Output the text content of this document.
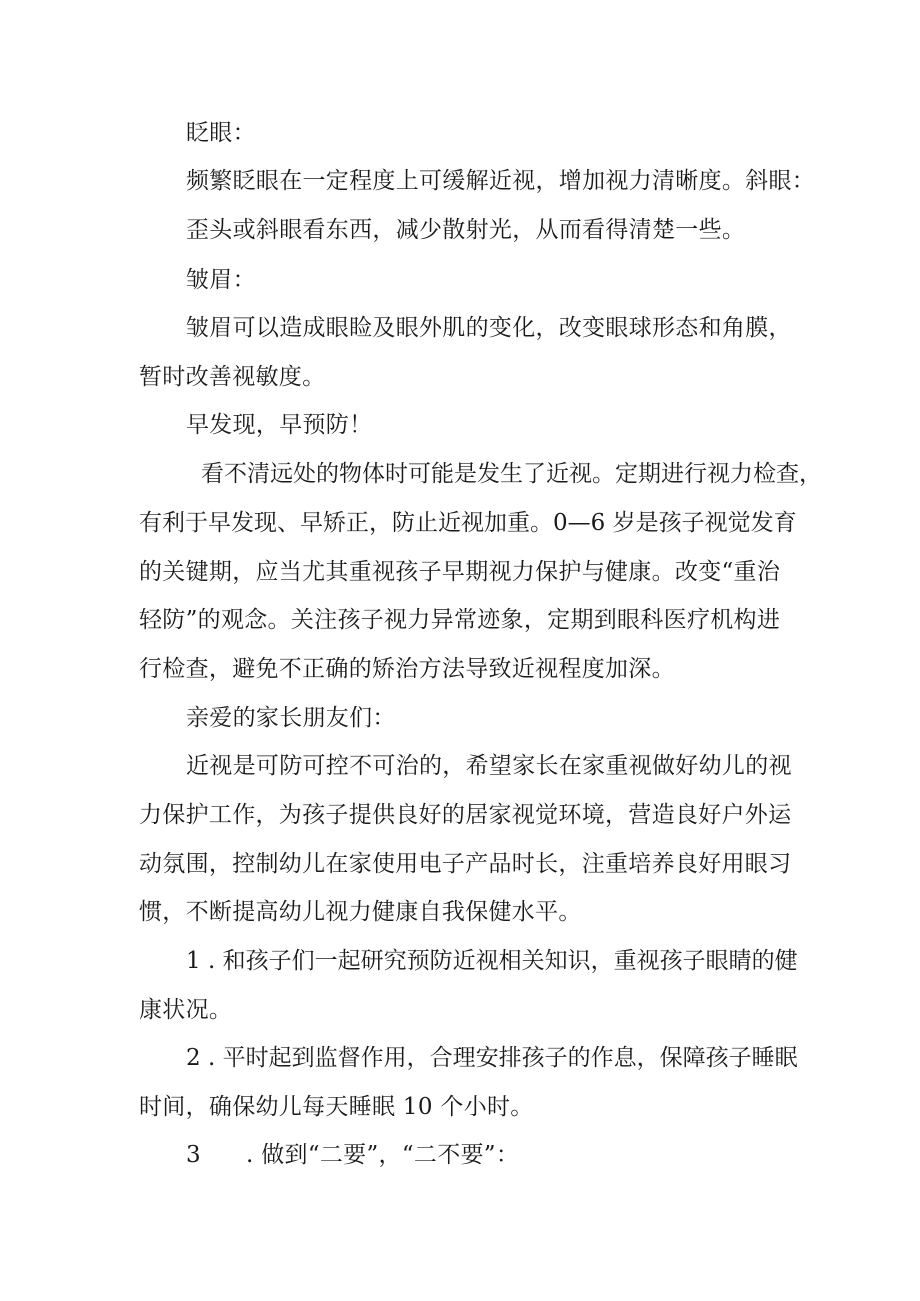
眨眼：

频繁眨眼在一定程度上可缓解近视，增加视力清晰度。斜眼：

歪头或斜眼看东西，减少散射光，从而看得清楚一些。

皱眉：

皱眉可以造成眼睑及眼外肌的变化，改变眼球形态和角膜，

暂时改善视敏度。

早发现，早预防！

看不清远处的物体时可能是发生了近视。定期进行视力检查，

有利于早发现、早矫正，防止近视加重。0—6 岁是孩子视觉发育

的关键期，应当尤其重视孩子早期视力保护与健康。改变“重治

轻防”的观念。关注孩子视力异常迹象，定期到眼科医疗机构进

行检查，避免不正确的矫治方法导致近视程度加深。

亲爱的家长朋友们：

近视是可防可控不可治的，希望家长在家重视做好幼儿的视

力保护工作，为孩子提供良好的居家视觉环境，营造良好户外运

动氛围，控制幼儿在家使用电子产品时长，注重培养良好用眼习

惯，不断提高幼儿视力健康自我保健水平。

1 . 和孩子们一起研究预防近视相关知识，重视孩子眼睛的健

康状况。

2 . 平时起到监督作用，合理安排孩子的作息，保障孩子睡眠

时间，确保幼儿每天睡眠 10 个小时。

3 . 做到“二要”，“二不要”：
